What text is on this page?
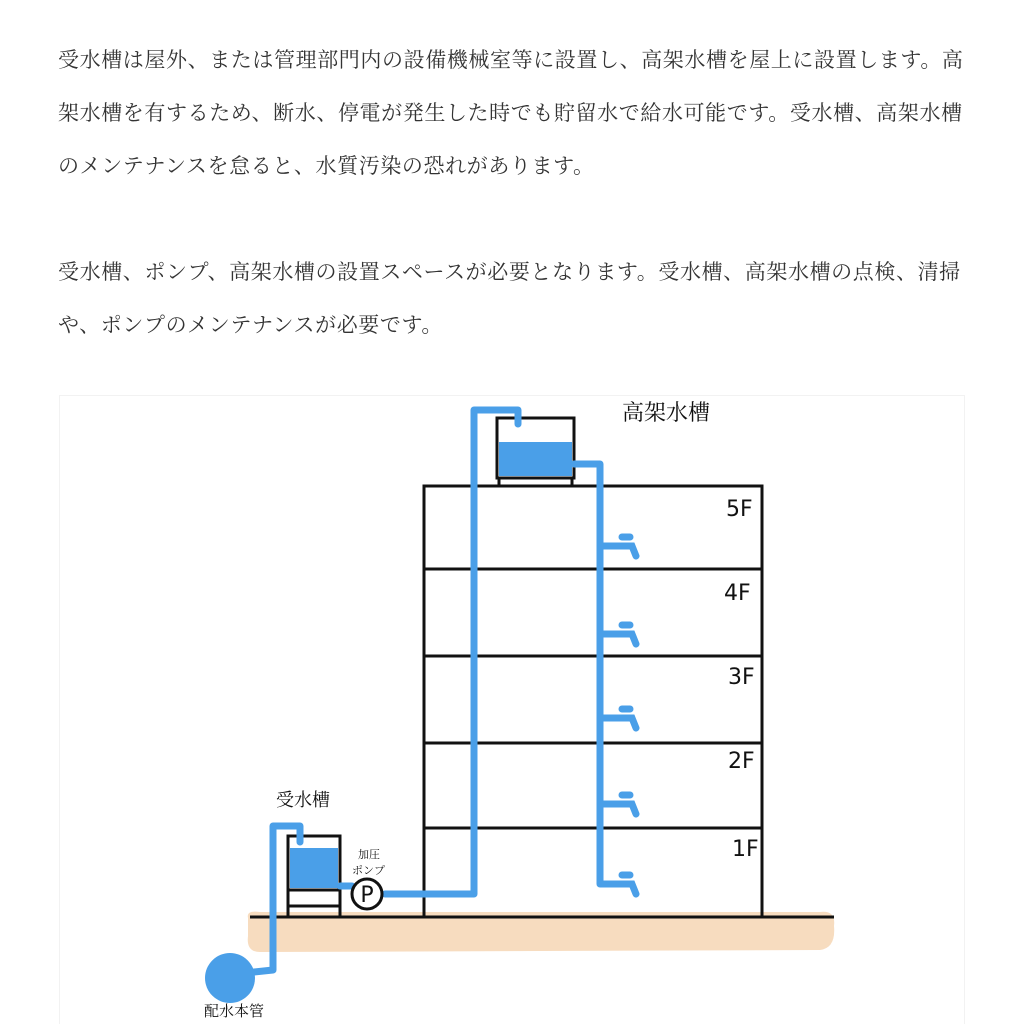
受水槽は屋外、または管理部門内の設備機械室等に設置し、高架水槽を屋上に設置します。高架水槽を有するため、断水、停電が発生した時でも貯留水で給水可能です。受水槽、高架水槽のメンテナンスを怠ると、水質汚染の恐れがあります。

受水槽、ポンプ、高架水槽の設置スペースが必要となります。受水槽、高架水槽の点検、清掃や、ポンプのメンテナンスが必要です。

P
高架水槽
受水槽
加圧
ポンプ
配水本管
5F
4F
3F
2F
1F
